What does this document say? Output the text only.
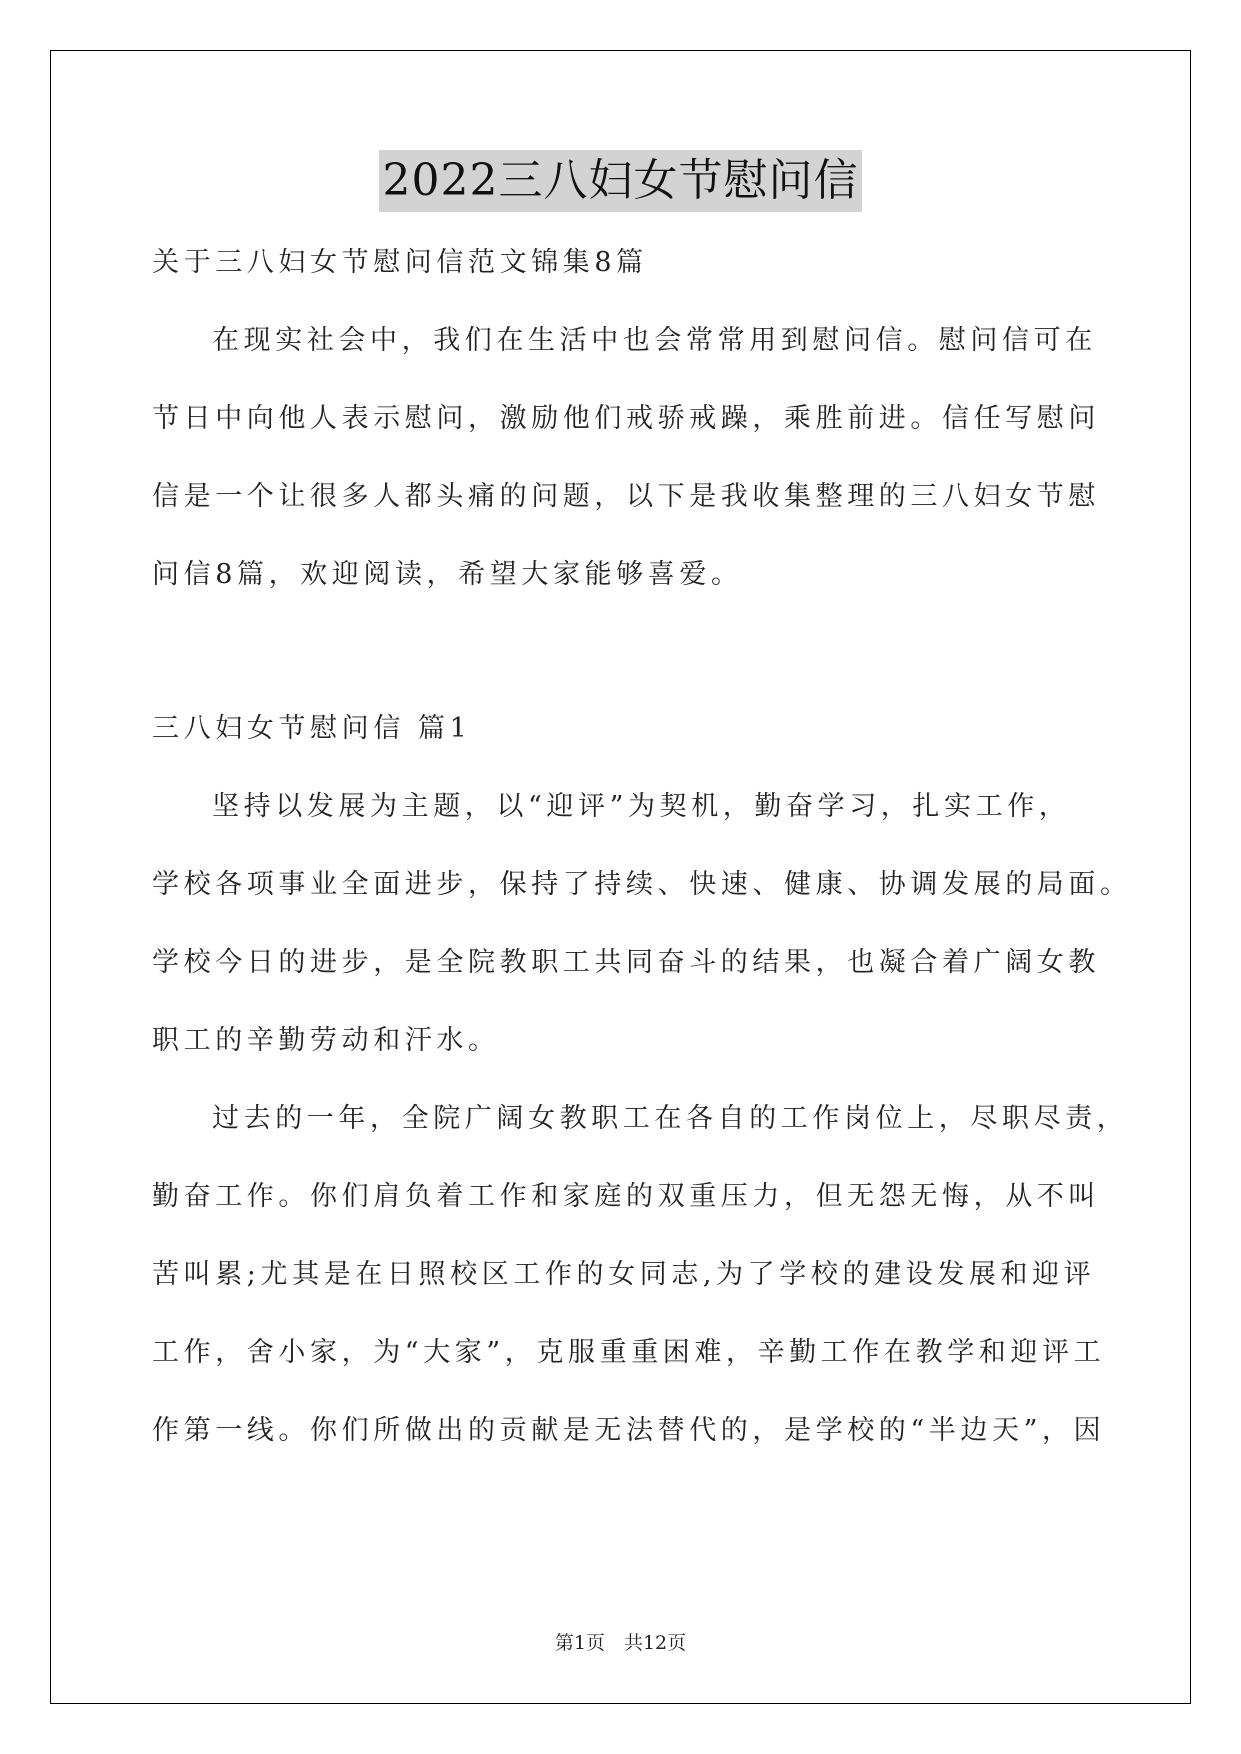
2022三八妇女节慰问信
关于三八妇女节慰问信范文锦集8篇
在现实社会中，我们在生活中也会常常用到慰问信。慰问信可在
节日中向他人表示慰问，激励他们戒骄戒躁，乘胜前进。信任写慰问
信是一个让很多人都头痛的问题，以下是我收集整理的三八妇女节慰
问信8篇，欢迎阅读，希望大家能够喜爱。
三八妇女节慰问信 篇1
坚持以发展为主题，以“迎评”为契机，勤奋学习，扎实工作，
学校各项事业全面进步，保持了持续、快速、健康、协调发展的局面。
学校今日的进步，是全院教职工共同奋斗的结果，也凝合着广阔女教
职工的辛勤劳动和汗水。
过去的一年，全院广阔女教职工在各自的工作岗位上，尽职尽责，
勤奋工作。你们肩负着工作和家庭的双重压力，但无怨无悔，从不叫
苦叫累;尤其是在日照校区工作的女同志,为了学校的建设发展和迎评
工作，舍小家，为“大家”，克服重重困难，辛勤工作在教学和迎评工
作第一线。你们所做出的贡献是无法替代的，是学校的“半边天”，因
第1页　共12页
